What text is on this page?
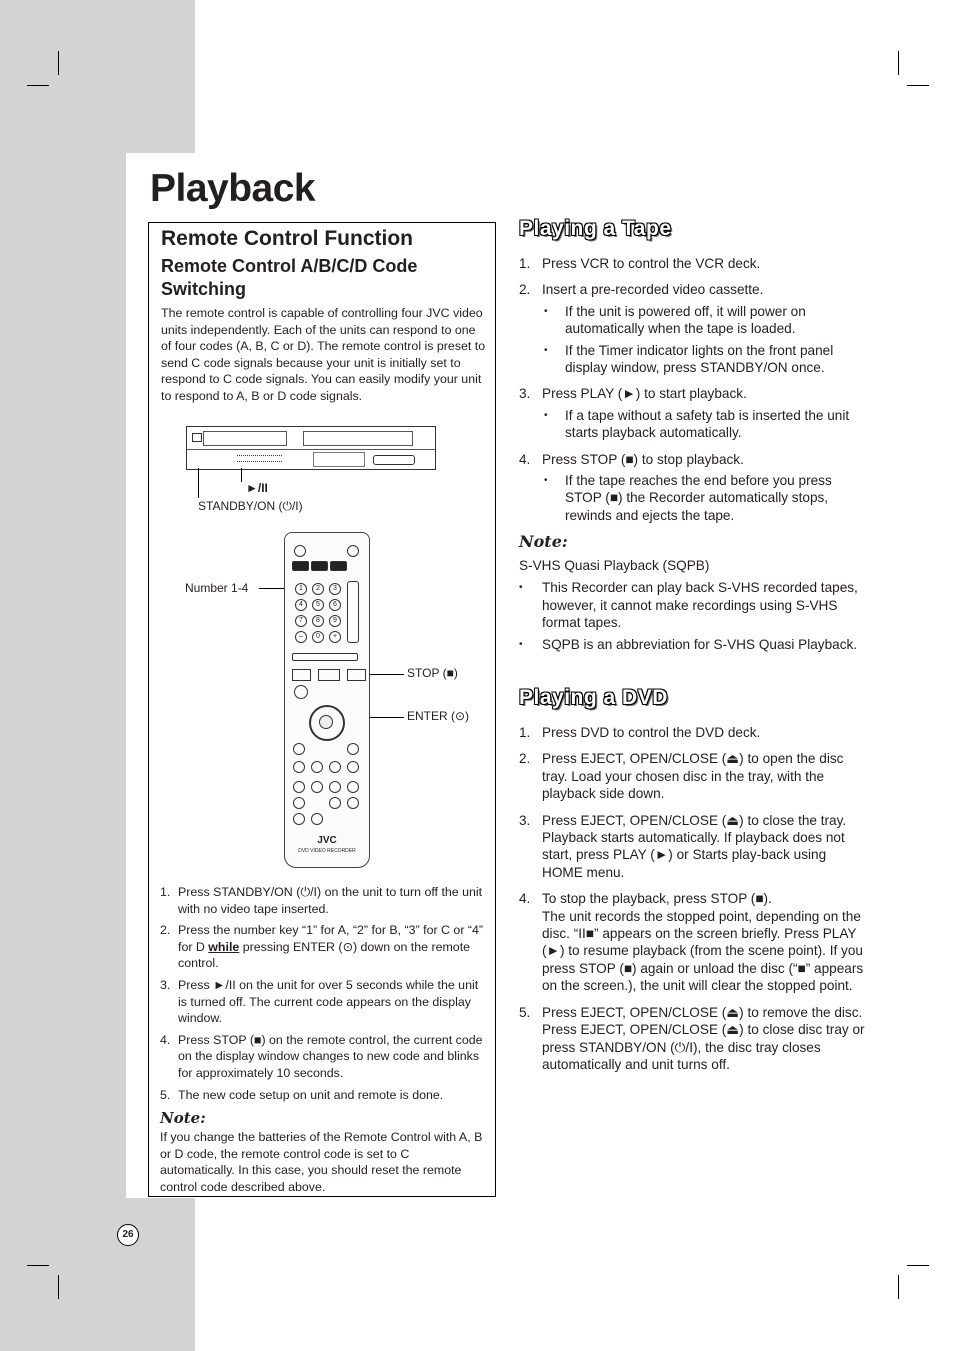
Playback
Remote Control Function
Remote Control A/B/C/D Code Switching

The remote control is capable of controlling four JVC video units independently. Each of the units can respond to one of four codes (A, B, C or D). The remote control is preset to send C code signals because your unit is initially set to respond to C code signals. You can easily modify your unit to respond to A, B or D code signals.

►/II
STANDBY/ON (⏻/I)
Number 1-4
STOP (■)
ENTER (⊙)
1	2	3
4	5	6
7	8	9
–	0	+
JVC
DVD VIDEO RECORDER
1. Press STANDBY/ON (⏻/I) on the unit to turn off the unit with no video tape inserted.
2. Press the number key “1” for A, “2” for B, “3” for C or “4” for D while pressing ENTER (⊙) down on the remote control.
3. Press ►/II on the unit for over 5 seconds while the unit is turned off. The current code appears on the display window.
4. Press STOP (■) on the remote control, the current code on the display window changes to new code and blinks for approximately 10 seconds.
5. The new code setup on unit and remote is done.
Note:

If you change the batteries of the Remote Control with A, B or D code, the remote control code is set to C automatically. In this case, you should reset the remote control code described above.

Playing a Tape
1. Press VCR to control the VCR deck.
2. Insert a pre-recorded video cassette.
• If the unit is powered off, it will power on automatically when the tape is loaded.
• If the Timer indicator lights on the front panel display window, press STANDBY/ON once.
3. Press PLAY (►) to start playback.
• If a tape without a safety tab is inserted the unit starts playback automatically.
4. Press STOP (■) to stop playback.
• If the tape reaches the end before you press STOP (■) the Recorder automatically stops, rewinds and ejects the tape.
Note:
S-VHS Quasi Playback (SQPB)
• This Recorder can play back S-VHS recorded tapes, however, it cannot make recordings using S-VHS format tapes.
• SQPB is an abbreviation for S-VHS Quasi Playback.
Playing a DVD
1. Press DVD to control the DVD deck.
2. Press EJECT, OPEN/CLOSE (⏏) to open the disc tray. Load your chosen disc in the tray, with the playback side down.
3. Press EJECT, OPEN/CLOSE (⏏) to close the tray. Playback starts automatically. If playback does not start, press PLAY (►) or Starts play-back using HOME menu.
4. To stop the playback, press STOP (■).
The unit records the stopped point, depending on the disc. “II■” appears on the screen briefly. Press PLAY (►) to resume playback (from the scene point). If you press STOP (■) again or unload the disc (“■” appears on the screen.), the unit will clear the stopped point.
5. Press EJECT, OPEN/CLOSE (⏏) to remove the disc.
Press EJECT, OPEN/CLOSE (⏏) to close disc tray or press STANDBY/ON (⏻/I), the disc tray closes automatically and unit turns off.
26
